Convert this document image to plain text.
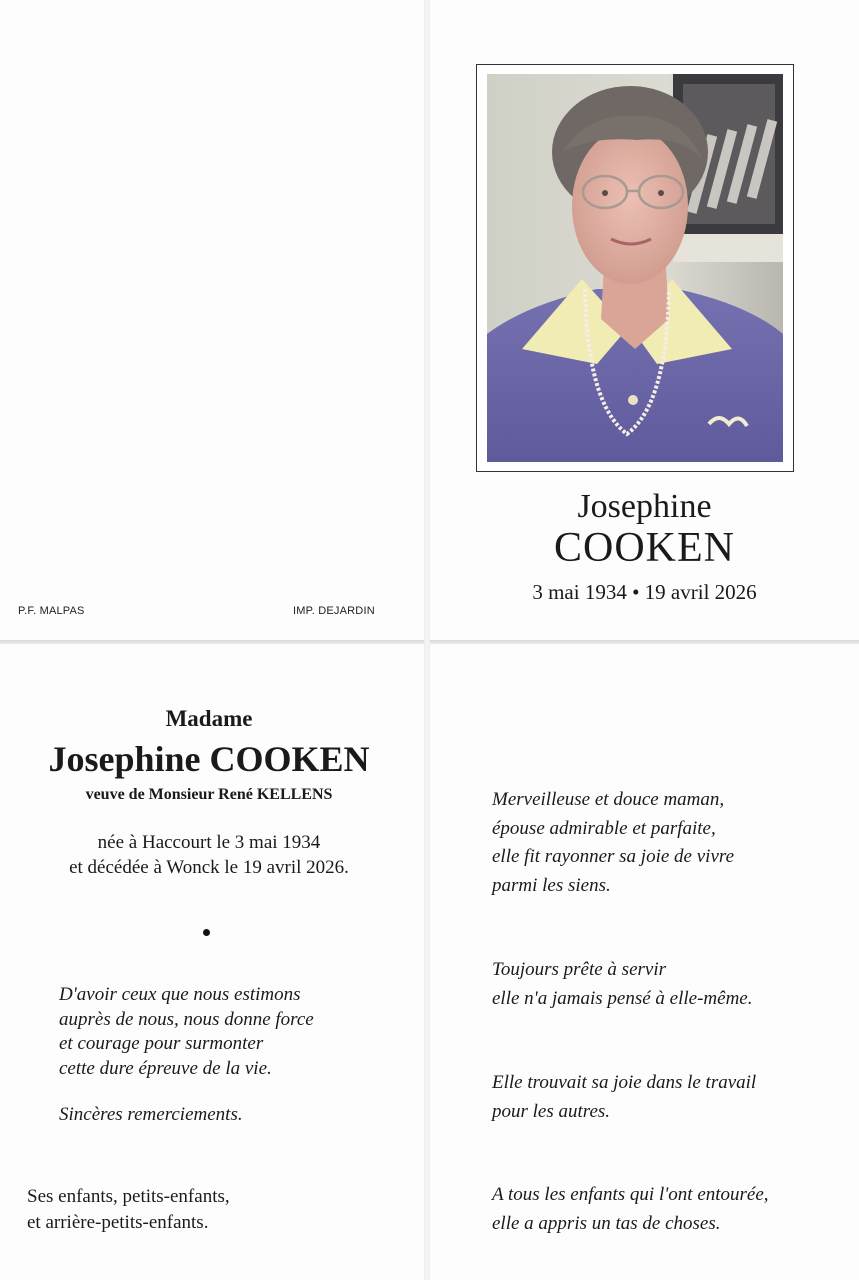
P.F. MALPAS	IMP. DEJARDIN
Josephine
COOKEN
3 mai 1934 • 19 avril 2026
Madame
Josephine COOKEN
veuve de Monsieur René KELLENS
née à Haccourt le 3 mai 1934
et décédée à Wonck le 19 avril 2026.
D'avoir ceux que nous estimons
auprès de nous, nous donne force
et courage pour surmonter
cette dure épreuve de la vie.
Sincères remerciements.
Ses enfants, petits-enfants,
et arrière-petits-enfants.
Merveilleuse et douce maman,
épouse admirable et parfaite,
elle fit rayonner sa joie de vivre
parmi les siens.
Toujours prête à servir
elle n'a jamais pensé à elle-même.
Elle trouvait sa joie dans le travail
pour les autres.
A tous les enfants qui l'ont entourée,
elle a appris un tas de choses.
